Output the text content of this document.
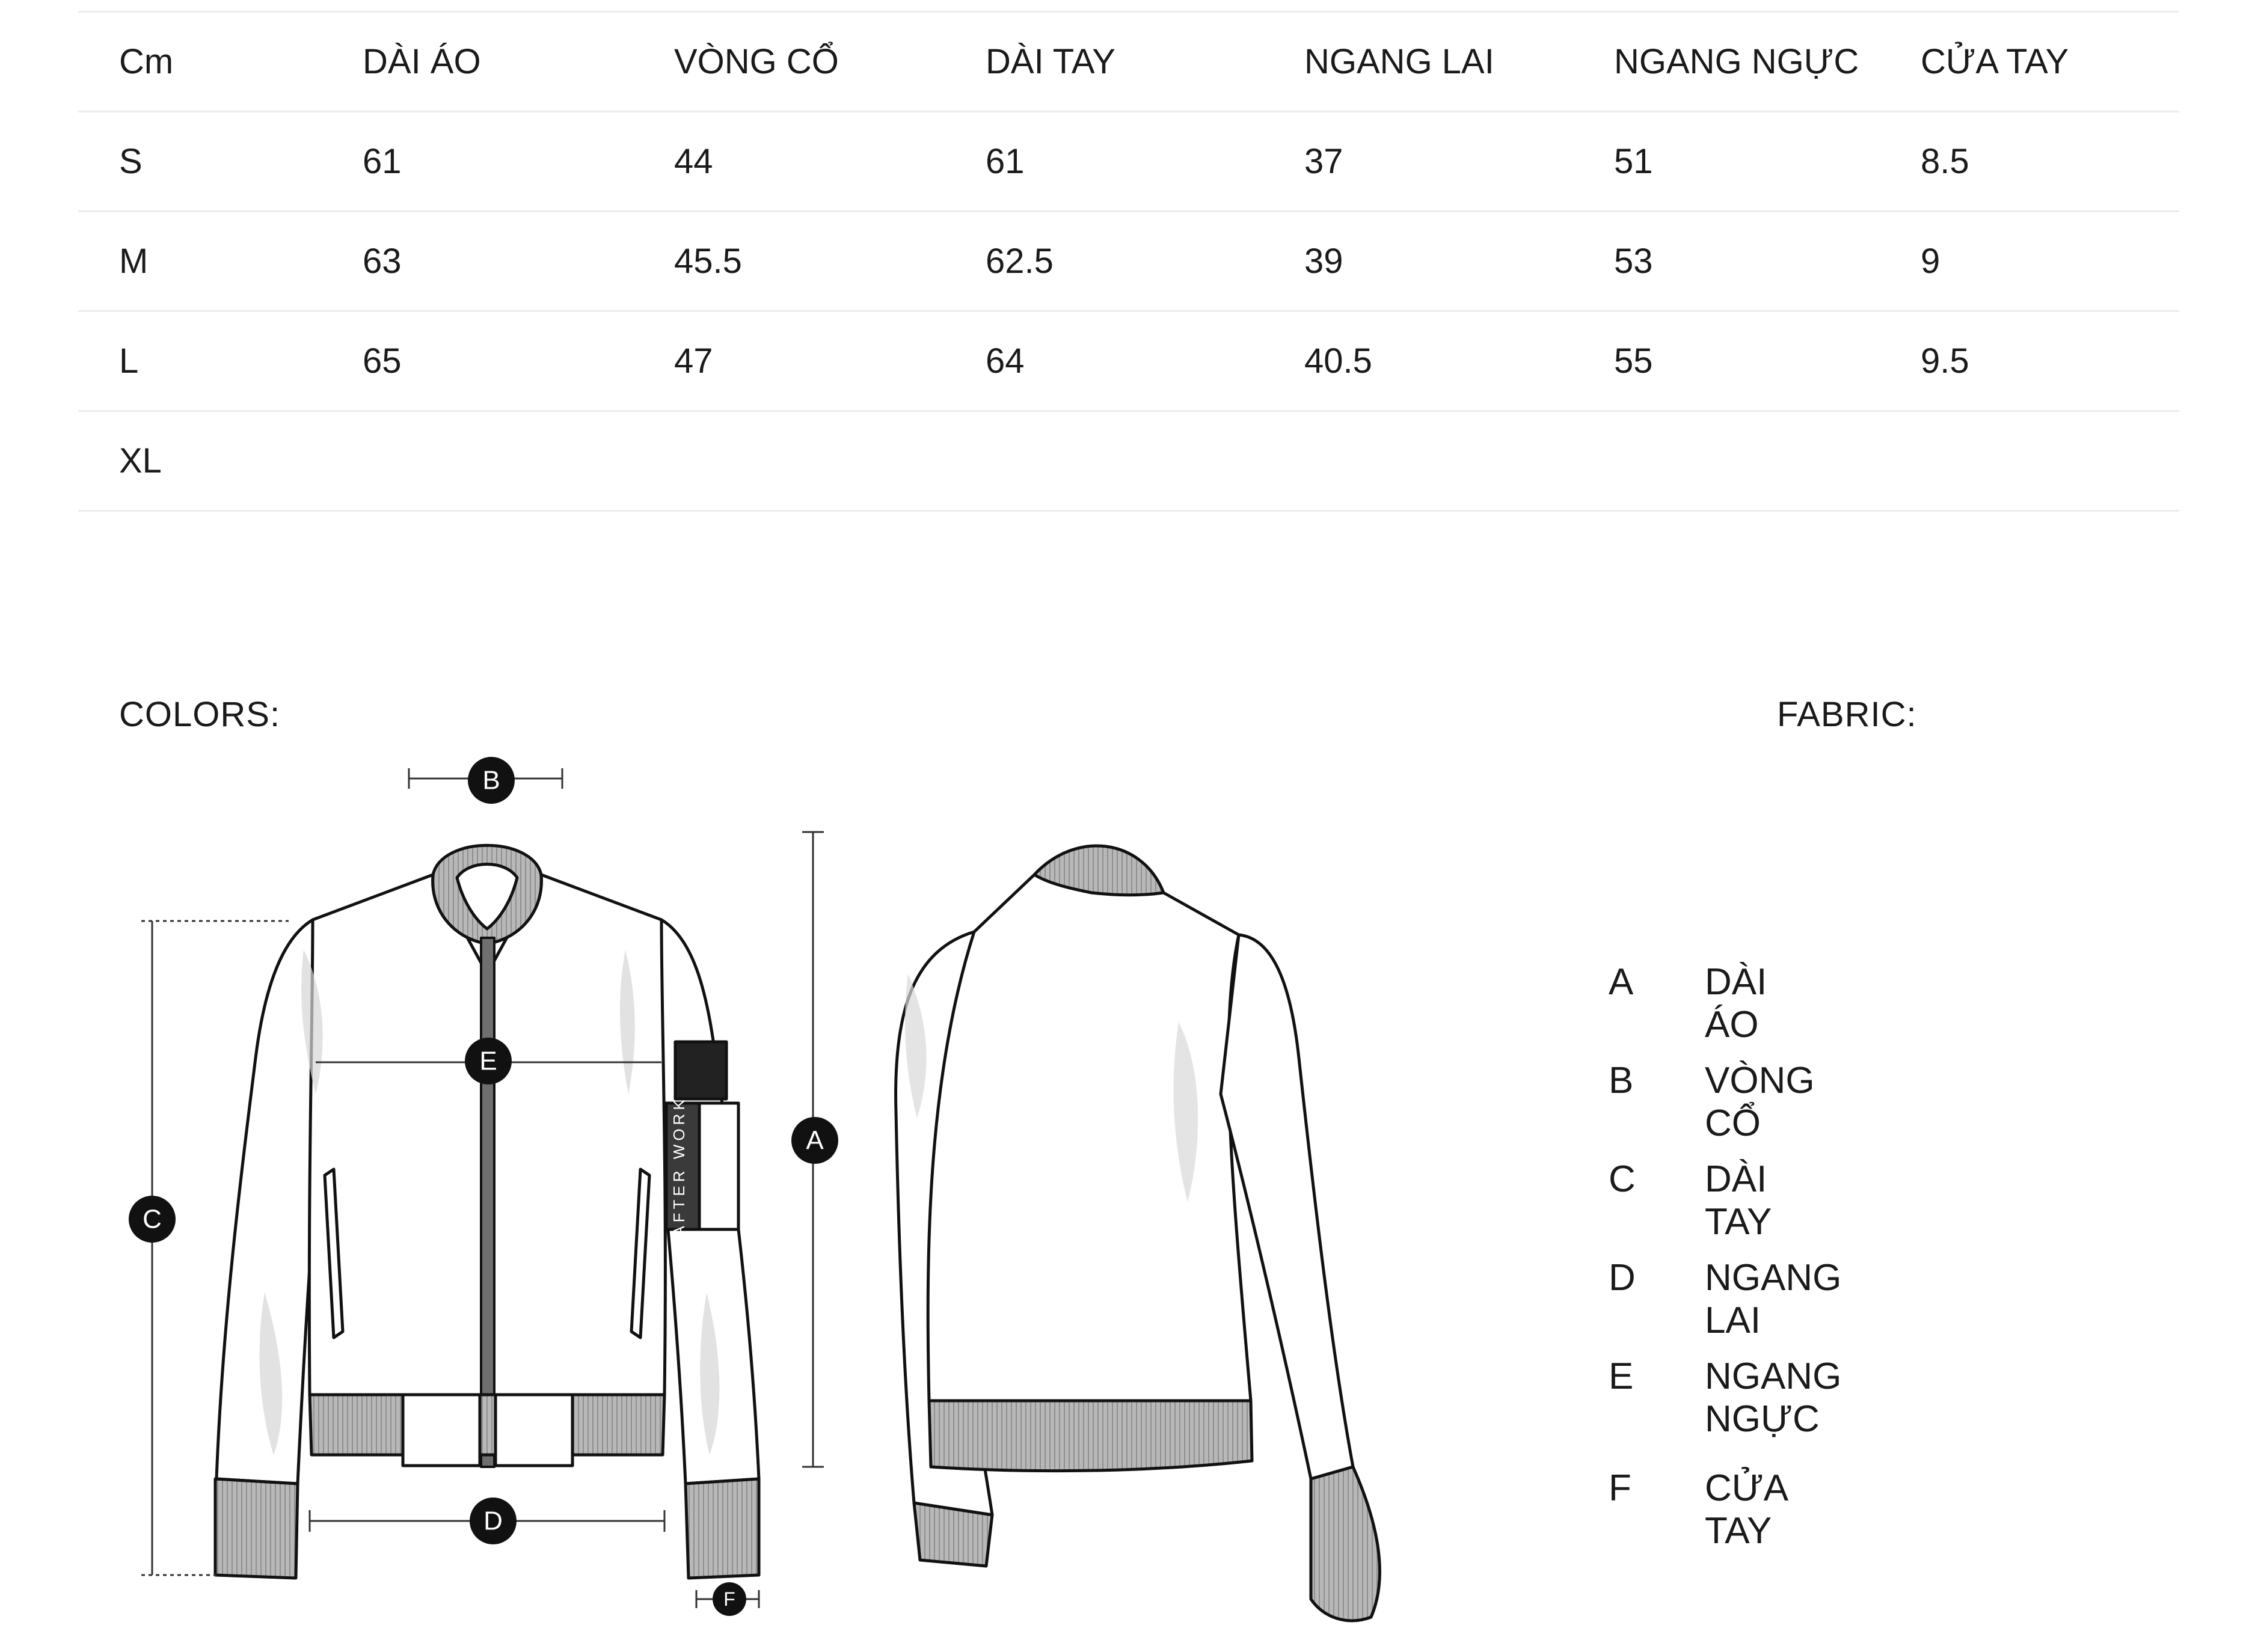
Cm	DÀI ÁO	VÒNG CỔ	DÀI TAY	NGANG LAI	NGANG NGỰC	CỬA TAY
S	61	44	61	37	51	8.5
M	63	45.5	62.5	39	53	9
L	65	47	64	40.5	55	9.5
XL						
COLORS:	FABRIC:
AFTER WORK	A
B
C
D
E
F
A	DÀI ÁO
B	VÒNG CỔ
C	DÀI TAY
D	NGANG LAI
E	NGANG NGỰC
F	CỬA TAY
